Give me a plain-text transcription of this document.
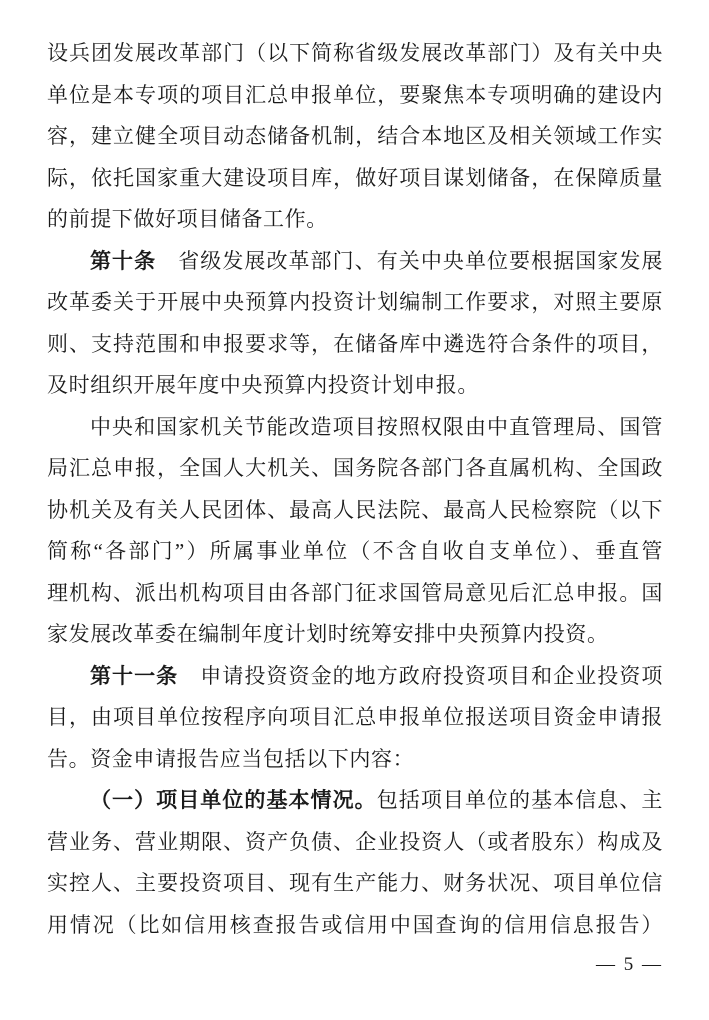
设兵团发展改革部门（以下简称省级发展改革部门）及有关中央
单位是本专项的项目汇总申报单位，要聚焦本专项明确的建设内
容，建立健全项目动态储备机制，结合本地区及相关领域工作实
际，依托国家重大建设项目库，做好项目谋划储备，在保障质量
的前提下做好项目储备工作。
第十条　省级发展改革部门、有关中央单位要根据国家发展
改革委关于开展中央预算内投资计划编制工作要求，对照主要原
则、支持范围和申报要求等，在储备库中遴选符合条件的项目，
及时组织开展年度中央预算内投资计划申报。
中央和国家机关节能改造项目按照权限由中直管理局、国管
局汇总申报，全国人大机关、国务院各部门各直属机构、全国政
协机关及有关人民团体、最高人民法院、最高人民检察院（以下
简称“各部门”）所属事业单位（不含自收自支单位）、垂直管
理机构、派出机构项目由各部门征求国管局意见后汇总申报。国
家发展改革委在编制年度计划时统筹安排中央预算内投资。
第十一条　申请投资资金的地方政府投资项目和企业投资项
目，由项目单位按程序向项目汇总申报单位报送项目资金申请报
告。资金申请报告应当包括以下内容：
（一）项目单位的基本情况。包括项目单位的基本信息、主
营业务、营业期限、资产负债、企业投资人（或者股东）构成及
实控人、主要投资项目、现有生产能力、财务状况、项目单位信
用情况（比如信用核查报告或信用中国查询的信用信息报告）
— 5 —
